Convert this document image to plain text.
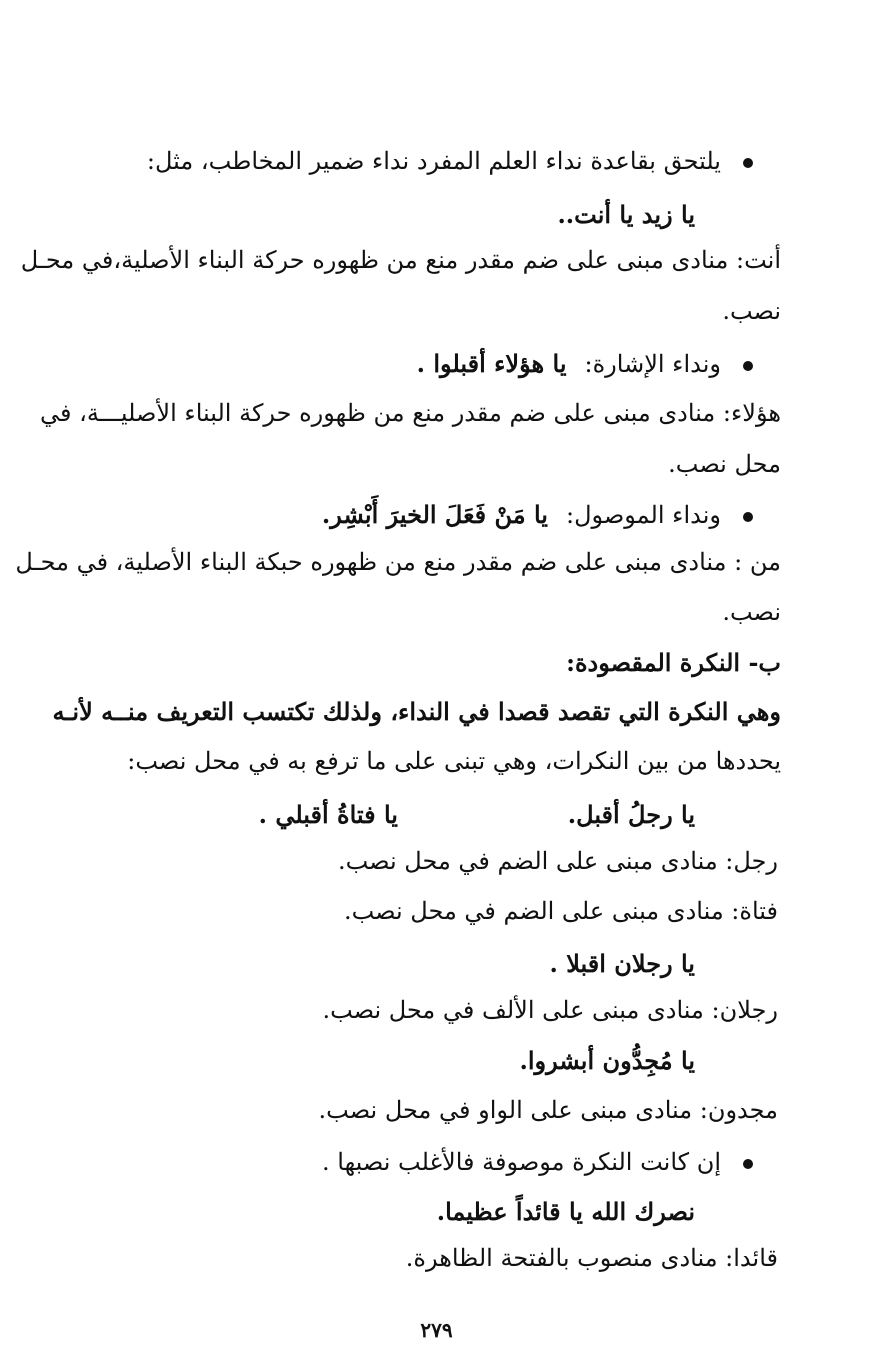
يلتحق بقاعدة نداء العلم المفرد نداء ضمير المخاطب، مثل:
يا زيد يا أنت..
أنت: منادى مبنى على ضم مقدر منع من ظهوره حركة البناء الأصلية،في محـل
نصب.
ونداء الإشارة:يا هؤلاء أقبلوا .
هؤلاء: منادى مبنى على ضم مقدر منع من ظهوره حركة البناء الأصليـــة، في
محل نصب.
ونداء الموصول:يا مَنْ فَعَلَ الخيرَ أَبْشِر.
من : منادى مبنى على ضم مقدر منع من ظهوره حبكة البناء الأصلية، في محـل
نصب.
ب- النكرة المقصودة:
وهي النكرة التي تقصد قصدا في النداء، ولذلك تكتسب التعريف منــه لأنـه
يحددها من بين النكرات، وهي تبنى على ما ترفع به في محل نصب:
يا رجلُ أقبل.
يا فتاةُ أقبلي .
رجل: منادى مبنى على الضم في محل نصب.
فتاة: منادى مبنى على الضم في محل نصب.
يا رجلان اقبلا .
رجلان: منادى مبنى على الألف في محل نصب.
يا مُجِدُّون أبشروا.
مجدون: منادى مبنى على الواو في محل نصب.
إن كانت النكرة موصوفة فالأغلب نصبها .
نصرك الله يا قائداً عظيما.
قائدا: منادى منصوب بالفتحة الظاهرة.
٢٧٩
